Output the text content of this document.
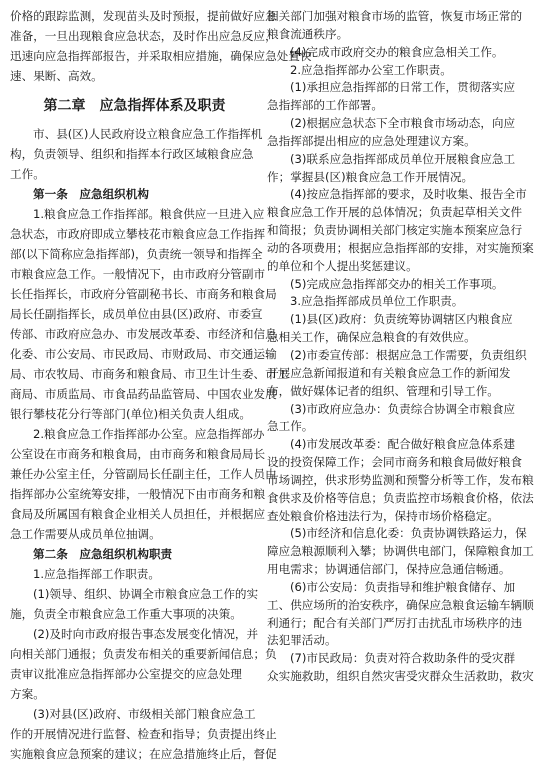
价格的跟踪监测，发现苗头及时预报，提前做好应急
准备，一旦出现粮食应急状态，及时作出应急反应，
迅速向应急指挥部报告，并采取相应措施，确保应急处置快
速、果断、高效。
第二章　应急指挥体系及职责
市、县(区)人民政府设立粮食应急工作指挥机
构，负责领导、组织和指挥本行政区域粮食应急
工作。
第一条　应急组织机构
1.粮食应急工作指挥部。粮食供应一旦进入应
急状态，市政府即成立攀枝花市粮食应急工作指挥
部(以下简称应急指挥部)，负责统一领导和指挥全
市粮食应急工作。一般情况下，由市政府分管副市
长任指挥长，市政府分管副秘书长、市商务和粮食局
局长任副指挥长，成员单位由县(区)政府、市委宣
传部、市政府应急办、市发展改革委、市经济和信息
化委、市公安局、市民政局、市财政局、市交通运输
局、市农牧局、市商务和粮食局、市卫生计生委、市工
商局、市质监局、市食品药品监管局、中国农业发展
银行攀枝花分行等部门(单位)相关负责人组成。
2.粮食应急工作指挥部办公室。应急指挥部办
公室设在市商务和粮食局，由市商务和粮食局局长
兼任办公室主任，分管副局长任副主任，工作人员由
指挥部办公室统筹安排，一般情况下由市商务和粮
食局及所属国有粮食企业相关人员担任，并根据应
急工作需要从成员单位抽调。
第二条　应急组织机构职责
1.应急指挥部工作职责。
(1)领导、组织、协调全市粮食应急工作的实
施，负责全市粮食应急工作重大事项的决策。
(2)及时向市政府报告事态发展变化情况，并
向相关部门通报；负责发布相关的重要新闻信息；负
责审议批准应急指挥部办公室提交的应急处理
方案。
(3)对县(区)政府、市级相关部门粮食应急工
作的开展情况进行监督、检查和指导；负责提出终止
实施粮食应急预案的建议；在应急措施终止后，督促
相关部门加强对粮食市场的监管，恢复市场正常的
粮食流通秩序。
(4)完成市政府交办的粮食应急相关工作。
2.应急指挥部办公室工作职责。
(1)承担应急指挥部的日常工作，贯彻落实应
急指挥部的工作部署。
(2)根据应急状态下全市粮食市场动态，向应
急指挥部提出相应的应急处理建议方案。
(3)联系应急指挥部成员单位开展粮食应急工
作；掌握县(区)粮食应急工作开展情况。
(4)按应急指挥部的要求，及时收集、报告全市
粮食应急工作开展的总体情况；负责起草相关文件
和简报；负责协调相关部门核定实施本预案应急行
动的各项费用；根据应急指挥部的安排，对实施预案
的单位和个人提出奖惩建议。
(5)完成应急指挥部交办的相关工作事项。
3.应急指挥部成员单位工作职责。
(1)县(区)政府：负责统筹协调辖区内粮食应
急相关工作，确保应急粮食的有效供应。
(2)市委宣传部：根据应急工作需要，负责组织
开展应急新闻报道和有关粮食应急工作的新闻发
布，做好媒体记者的组织、管理和引导工作。
(3)市政府应急办：负责综合协调全市粮食应
急工作。
(4)市发展改革委：配合做好粮食应急体系建
设的投资保障工作；会同市商务和粮食局做好粮食
市场调控，供求形势监测和预警分析等工作，发布粮
食供求及价格等信息；负责监控市场粮食价格，依法
查处粮食价格违法行为，保持市场价格稳定。
(5)市经济和信息化委：负责协调铁路运力，保
障应急粮源顺利入攀；协调供电部门，保障粮食加工
用电需求；协调通信部门，保持应急通信畅通。
(6)市公安局：负责指导和维护粮食储存、加
工、供应场所的治安秩序，确保应急粮食运输车辆顺
利通行；配合有关部门严厉打击扰乱市场秩序的违
法犯罪活动。
(7)市民政局：负责对符合救助条件的受灾群
众实施救助，组织自然灾害受灾群众生活救助，救灾
